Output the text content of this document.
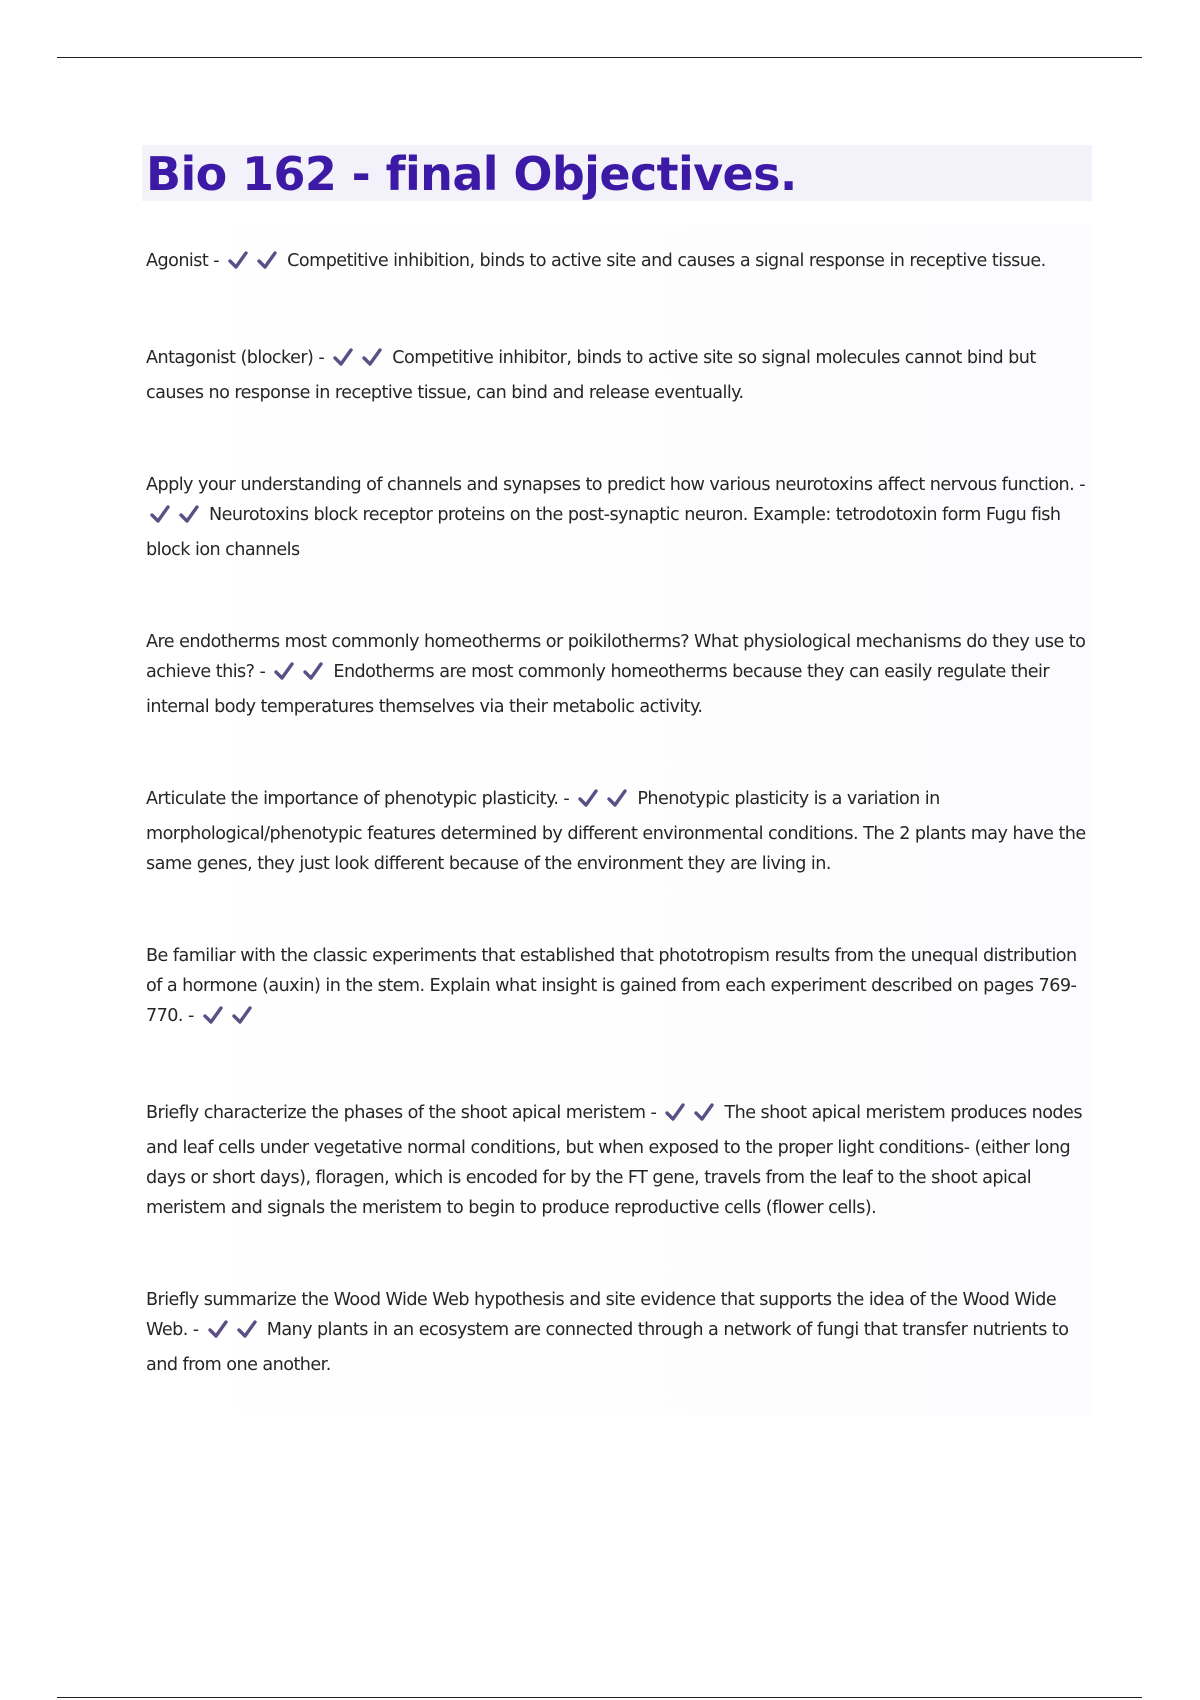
Bio 162 - final Objectives.

Agonist -	Competitive inhibition, binds to active site and causes a signal response in receptive tissue.

Antagonist (blocker) -	Competitive inhibitor, binds to active site so signal molecules cannot bind but causes no response in receptive tissue, can bind and release eventually.

Apply your understanding of channels and synapses to predict how various neurotoxins affect nervous function. -  Neurotoxins block receptor proteins on the post-synaptic neuron. Example: tetrodotoxin form Fugu fish block ion channels

Are endotherms most commonly homeotherms or poikilotherms? What physiological mechanisms do they use to achieve this? -	Endotherms are most commonly homeotherms because they can easily regulate their internal body temperatures themselves via their metabolic activity.

Articulate the importance of phenotypic plasticity. -	Phenotypic plasticity is a variation in morphological/phenotypic features determined by different environmental conditions. The 2 plants may have the same genes, they just look different because of the environment they are living in.

Be familiar with the classic experiments that established that phototropism results from the unequal distribution of a hormone (auxin) in the stem. Explain what insight is gained from each experiment described on pages 769-770. -

Briefly characterize the phases of the shoot apical meristem -	The shoot apical meristem produces nodes and leaf cells under vegetative normal conditions, but when exposed to the proper light conditions- (either long days or short days), floragen, which is encoded for by the FT gene, travels from the leaf to the shoot apical meristem and signals the meristem to begin to produce reproductive cells (flower cells).

Briefly summarize the Wood Wide Web hypothesis and site evidence that supports the idea of the Wood Wide Web. -	Many plants in an ecosystem are connected through a network of fungi that transfer nutrients to and from one another.
